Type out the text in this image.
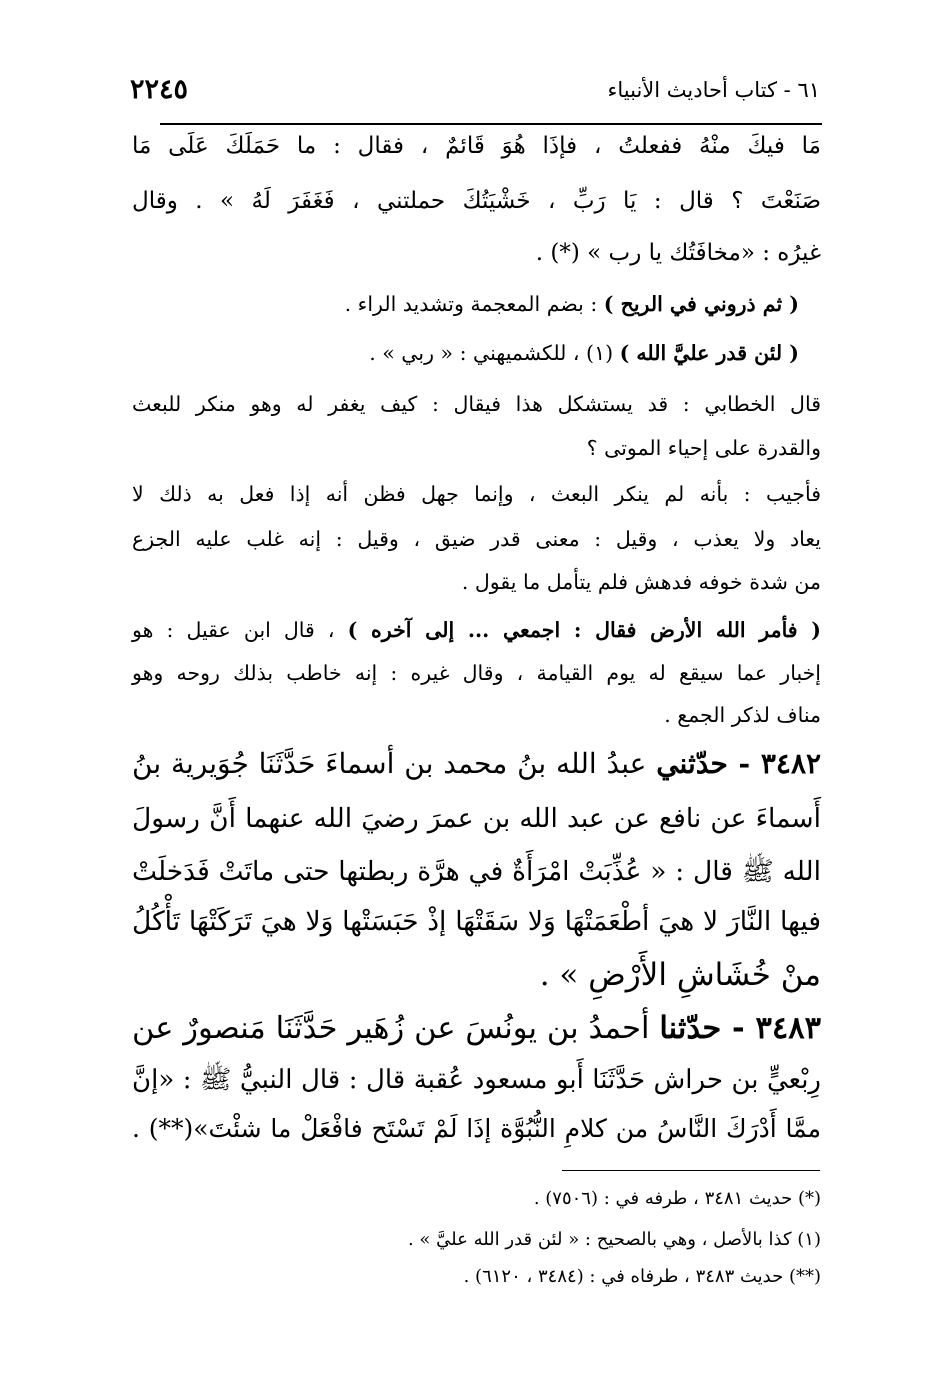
٢٢٤٥	٦١ - كتاب أحاديث الأنبياء
مَا فيكَ منْهُ ففعلتُ ، فإذَا هُوَ قَائمٌ ، فقال : ما حَمَلَكَ عَلَى مَا
صَنَعْتَ ؟ قال : يَا رَبِّ ، خَشْيَتُكَ حملتني ، فَغَفَرَ لَهُ » . وقال
غيرُه : «مخافَتُك يا رب » (*) .
( ثم ذروني في الريح ) : بضم المعجمة وتشديد الراء .
( لئن قدر عليَّ الله ) (١) ، للكشميهني : « ربي » .
قال الخطابي : قد يستشكل هذا فيقال : كيف يغفر له وهو منكر للبعث
والقدرة على إحياء الموتى ؟
فأجيب : بأنه لم ينكر البعث ، وإنما جهل فظن أنه إذا فعل به ذلك لا
يعاد ولا يعذب ، وقيل : معنى قدر ضيق ، وقيل : إنه غلب عليه الجزع
من شدة خوفه فدهش فلم يتأمل ما يقول .
( فأمر الله الأرض فقال : اجمعي ... إلى آخره ) ، قال ابن عقيل : هو
إخبار عما سيقع له يوم القيامة ، وقال غيره : إنه خاطب بذلك روحه وهو
مناف لذكر الجمع .
٣٤٨٢ - حدّثني عبدُ الله بنُ محمد بن أسماءَ حَدَّثَنَا جُوَيرية بنُ
أَسماءَ عن نافع عن عبد الله بن عمرَ رضيَ الله عنهما أَنَّ رسولَ
الله ﷺ قال : « عُذِّبَتْ امْرَأَةٌ في هرَّة ربطتها حتى ماتَتْ فَدَخلَتْ
فيها النَّارَ لا هيَ أطْعَمَتْهَا وَلا سَقَتْهَا إذْ حَبَسَتْها وَلا هيَ تَرَكَتْهَا تَأْكُلُ
منْ خُشَاشِ الأَرْضِ » .
٣٤٨٣ - حدّثنا أحمدُ بن يونُسَ عن زُهَير حَدَّثَنَا مَنصورٌ عن
رِبْعيٍّ بن حراش حَدَّثَنَا أَبو مسعود عُقبة قال : قال النبيُّ ﷺ : «إنَّ
ممَّا أَدْرَكَ النَّاسُ من كلامِ النُّبُوَّة إذَا لَمْ تَسْتَح فافْعَلْ ما شئْتَ»(**) .
(*) حديث ٣٤٨١ ، طرفه في : (٧٥٠٦) .
(١) كذا بالأصل ، وهي بالصحيح : « لئن قدر الله عليَّ » .
(**) حديث ٣٤٨٣ ، طرفاه في : (٣٤٨٤ ، ٦١٢٠) .
